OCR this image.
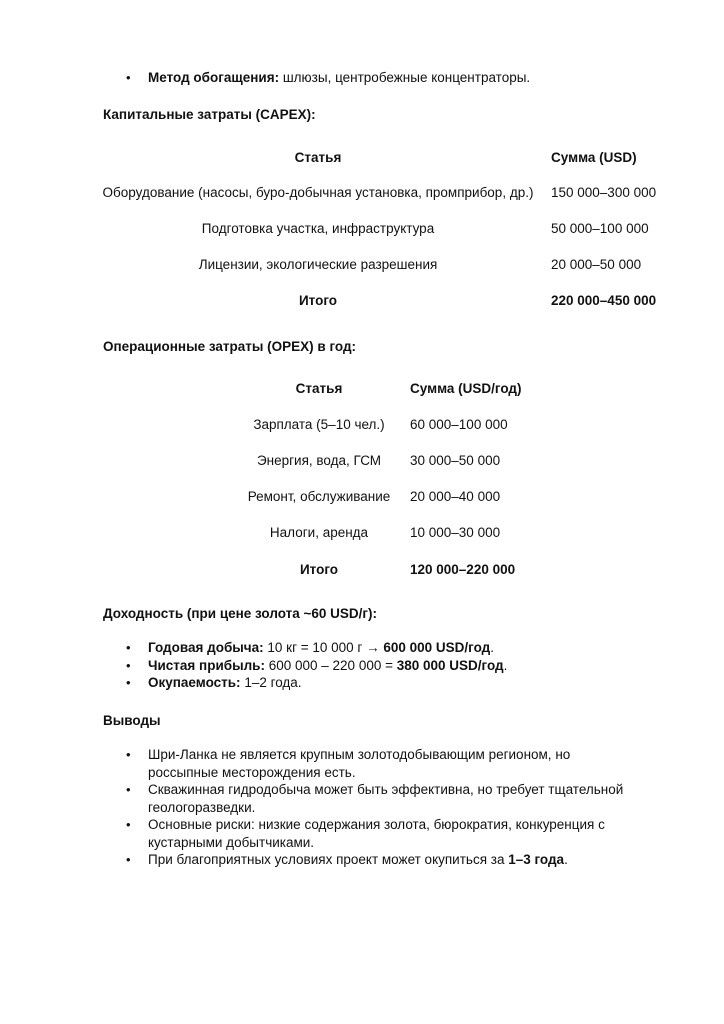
• Метод обогащения: шлюзы, центробежные концентраторы.
Капитальные затраты (CAPEX):
Статья	Сумма (USD)
Оборудование (насосы, буро-добычная установка, промприбор, др.) 150 000–300 000
Подготовка участка, инфраструктура	50 000–100 000
Лицензии, экологические разрешения	20 000–50 000
Итого	220 000–450 000
Операционные затраты (OPEX) в год:
Статья	Сумма (USD/год)
Зарплата (5–10 чел.) 60 000–100 000
Энергия, вода, ГСМ 30 000–50 000
Ремонт, обслуживание 20 000–40 000
Налоги, аренда	10 000–30 000
Итого	120 000–220 000
Доходность (при цене золота ~60 USD/г):
• Годовая добыча: 10 кг = 10 000 г → 600 000 USD/год.
• Чистая прибыль: 600 000 – 220 000 = 380 000 USD/год.
• Окупаемость: 1–2 года.
Выводы
• Шри-Ланка не является крупным золотодобывающим регионом, но россыпные месторождения есть.
• Скважинная гидродобыча может быть эффективна, но требует тщательной геологоразведки.
• Основные риски: низкие содержания золота, бюрократия, конкуренция с кустарными добытчиками.
• При благоприятных условиях проект может окупиться за 1–3 года.
